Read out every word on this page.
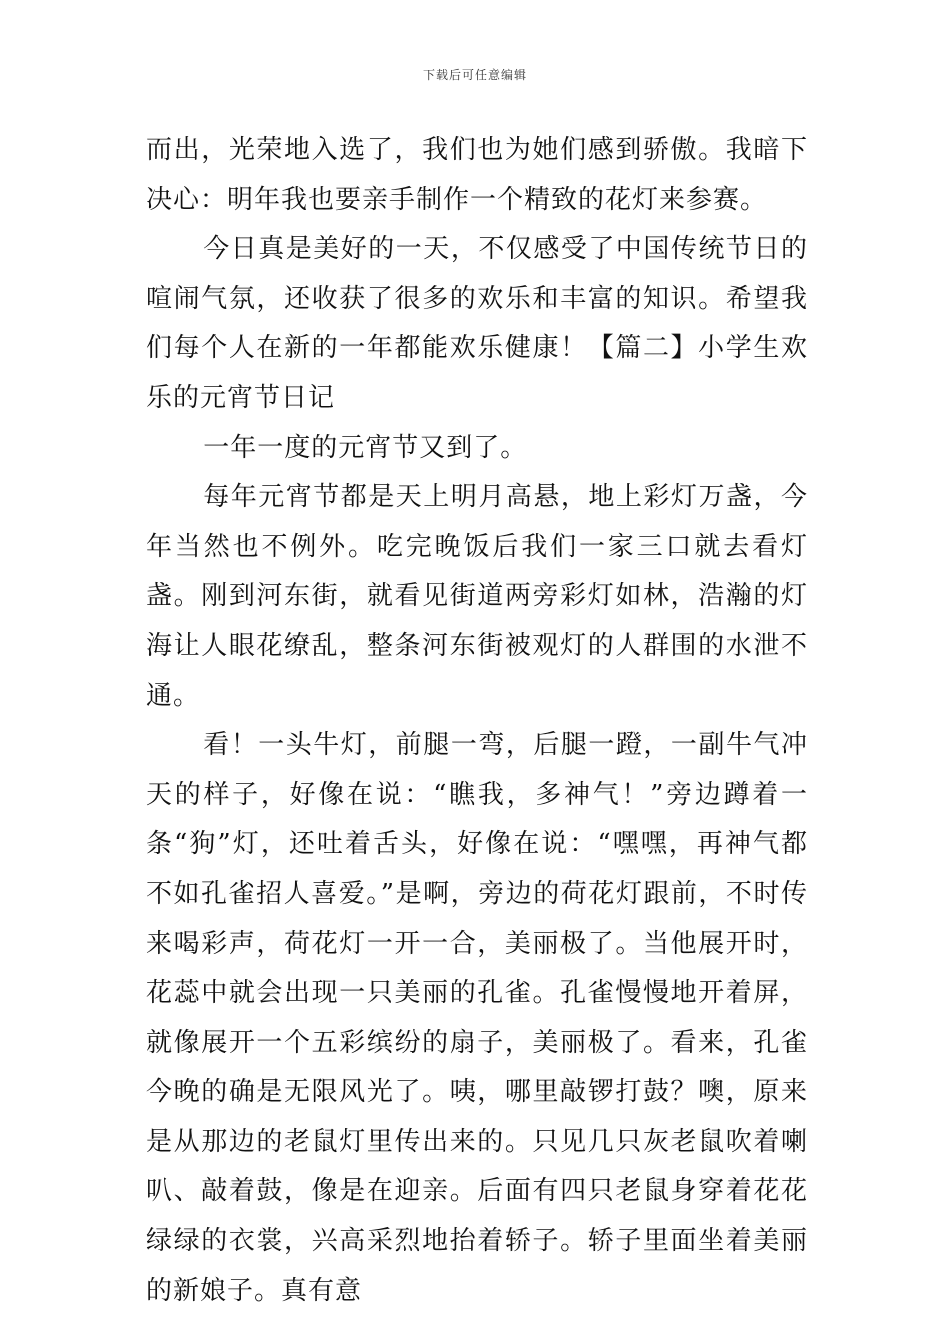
下载后可任意编辑

而出，光荣地入选了，我们也为她们感到骄傲。我暗下决心：明年我也要亲手制作一个精致的花灯来参赛。

今日真是美好的一天，不仅感受了中国传统节日的喧闹气氛，还收获了很多的欢乐和丰富的知识。希望我们每个人在新的一年都能欢乐健康！【篇二】小学生欢乐的元宵节日记

一年一度的元宵节又到了。

每年元宵节都是天上明月高悬，地上彩灯万盏，今年当然也不例外。吃完晚饭后我们一家三口就去看灯盏。刚到河东街，就看见街道两旁彩灯如林，浩瀚的灯海让人眼花缭乱，整条河东街被观灯的人群围的水泄不通。

看！一头牛灯，前腿一弯，后腿一蹬，一副牛气冲天的样子，好像在说：“瞧我，多神气！”旁边蹲着一条“狗”灯，还吐着舌头，好像在说：“嘿嘿，再神气都不如孔雀招人喜爱。”是啊，旁边的荷花灯跟前，不时传来喝彩声，荷花灯一开一合，美丽极了。当他展开时，花蕊中就会出现一只美丽的孔雀。孔雀慢慢地开着屏，就像展开一个五彩缤纷的扇子，美丽极了。看来，孔雀今晚的确是无限风光了。咦，哪里敲锣打鼓？噢，原来是从那边的老鼠灯里传出来的。只见几只灰老鼠吹着喇叭、敲着鼓，像是在迎亲。后面有四只老鼠身穿着花花绿绿的衣裳，兴高采烈地抬着轿子。轿子里面坐着美丽的新娘子。真有意
